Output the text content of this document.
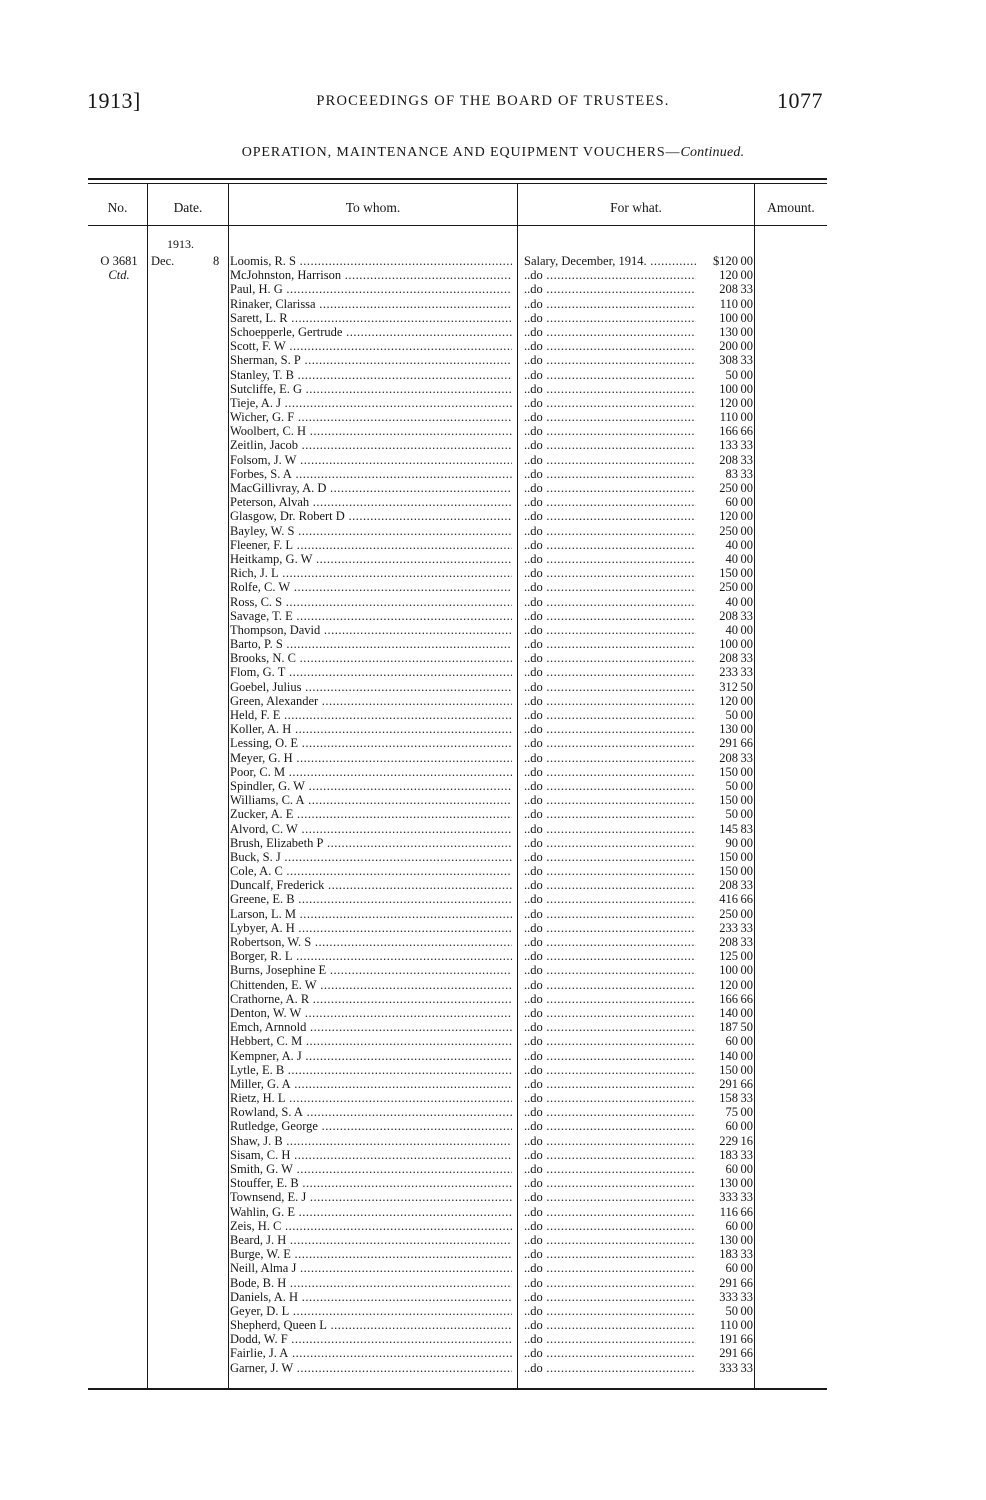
1913]	PROCEEDINGS OF THE BOARD OF TRUSTEES.	1077
OPERATION, MAINTENANCE AND EQUIPMENT VOUCHERS—Continued.
No.	Date.	To whom.	For what.	Amount.
1913.
O 3681
Ctd.
Dec.	8 Loomis, R. S .....	Salary, December, 1914. .....	$120 00
McJohnston, Harrison .....	..do .....	120 00
Paul, H. G .....	..do .....	208 33
Rinaker, Clarissa .....	..do .....	110 00
Sarett, L. R .....	..do .....	100 00
Schoepperle, Gertrude .....	..do .....	130 00
Scott, F. W .....	..do .....	200 00
Sherman, S. P .....	..do .....	308 33
Stanley, T. B .....	..do .....	50 00
Sutcliffe, E. G .....	..do .....	100 00
Tieje, A. J .....	..do .....	120 00
Wicher, G. F .....	..do .....	110 00
Woolbert, C. H .....	..do .....	166 66
Zeitlin, Jacob .....	..do .....	133 33
Folsom, J. W .....	..do .....	208 33
Forbes, S. A .....	..do .....	83 33
MacGillivray, A. D .....	..do .....	250 00
Peterson, Alvah .....	..do .....	60 00
Glasgow, Dr. Robert D .....	..do .....	120 00
Bayley, W. S .....	..do .....	250 00
Fleener, F. L .....	..do .....	40 00
Heitkamp, G. W .....	..do .....	40 00
Rich, J. L .....	..do .....	150 00
Rolfe, C. W .....	..do .....	250 00
Ross, C. S .....	..do .....	40 00
Savage, T. E .....	..do .....	208 33
Thompson, David .....	..do .....	40 00
Barto, P. S .....	..do .....	100 00
Brooks, N. C .....	..do .....	208 33
Flom, G. T .....	..do .....	233 33
Goebel, Julius .....	..do .....	312 50
Green, Alexander .....	..do .....	120 00
Held, F. E .....	..do .....	50 00
Koller, A. H .....	..do .....	130 00
Lessing, O. E .....	..do .....	291 66
Meyer, G. H .....	..do .....	208 33
Poor, C. M .....	..do .....	150 00
Spindler, G. W .....	..do .....	50 00
Williams, C. A .....	..do .....	150 00
Zucker, A. E .....	..do .....	50 00
Alvord, C. W .....	..do .....	145 83
Brush, Elizabeth P .....	..do .....	90 00
Buck, S. J .....	..do .....	150 00
Cole, A. C .....	..do .....	150 00
Duncalf, Frederick .....	..do .....	208 33
Greene, E. B .....	..do .....	416 66
Larson, L. M .....	..do .....	250 00
Lybyer, A. H .....	..do .....	233 33
Robertson, W. S .....	..do .....	208 33
Borger, R. L .....	..do .....	125 00
Burns, Josephine E .....	..do .....	100 00
Chittenden, E. W .....	..do .....	120 00
Crathorne, A. R .....	..do .....	166 66
Denton, W. W .....	..do .....	140 00
Emch, Arnnold .....	..do .....	187 50
Hebbert, C. M .....	..do .....	60 00
Kempner, A. J .....	..do .....	140 00
Lytle, E. B .....	..do .....	150 00
Miller, G. A .....	..do .....	291 66
Rietz, H. L .....	..do .....	158 33
Rowland, S. A .....	..do .....	75 00
Rutledge, George .....	..do .....	60 00
Shaw, J. B .....	..do .....	229 16
Sisam, C. H .....	..do .....	183 33
Smith, G. W .....	..do .....	60 00
Stouffer, E. B .....	..do .....	130 00
Townsend, E. J .....	..do .....	333 33
Wahlin, G. E .....	..do .....	116 66
Zeis, H. C .....	..do .....	60 00
Beard, J. H .....	..do .....	130 00
Burge, W. E .....	..do .....	183 33
Neill, Alma J .....	..do .....	60 00
Bode, B. H .....	..do .....	291 66
Daniels, A. H .....	..do .....	333 33
Geyer, D. L .....	..do .....	50 00
Shepherd, Queen L .....	..do .....	110 00
Dodd, W. F .....	..do .....	191 66
Fairlie, J. A .....	..do .....	291 66
Garner, J. W .....	..do .....	333 33
